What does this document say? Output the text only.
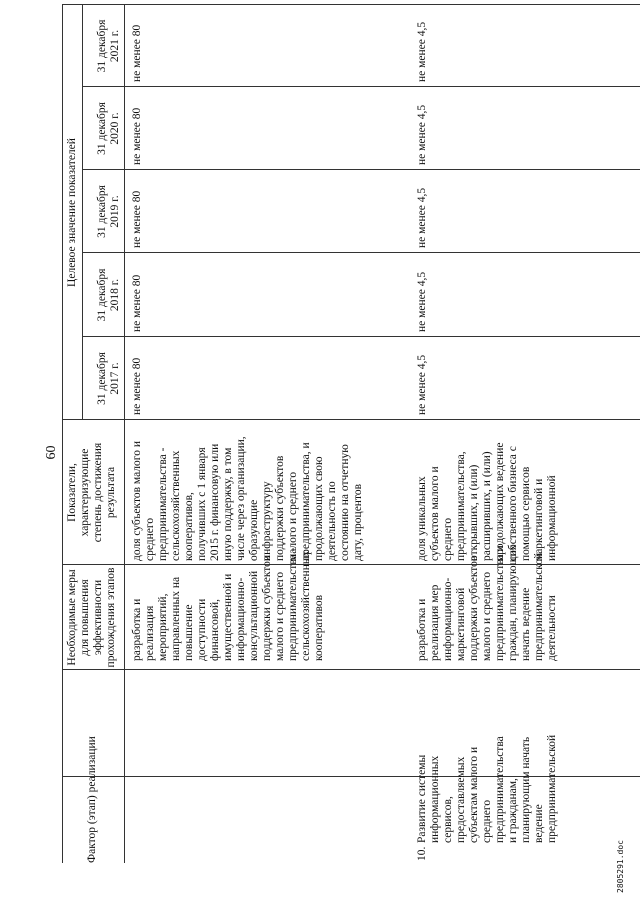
60
Фактор (этап) реализации
Необходимые меры
для повышения
эффективности
прохождения этапов
Показатели,
характеризующие
степень достижения
результата
Целевое значение показателей
31 декабря
2017 г.
31 декабря
2018 г.
31 декабря
2019 г.
31 декабря
2020 г.
31 декабря
2021 г.
разработка и
реализация
мероприятий,
направленных на
повышение
доступности
финансовой,
имущественной и
информационно-
консультационной
поддержки субъектов
малого и среднего
предпринимательства -
сельскохозяйственных
кооперативов
доля субъектов малого и
среднего
предпринимательства -
сельскохозяйственных
кооперативов,
получивших с 1 января
2015 г. финансовую или
иную поддержку, в том
числе через организации,
образующие
инфраструктуру
поддержки субъектов
малого и среднего
предпринимательства, и
продолжающих свою
деятельность по
состоянию на отчетную
дату, процентов
не менее 80
не менее 80
не менее 80
не менее 80
не менее 80
10.
Развитие системы
информационных
сервисов,
предоставляемых
субъектам малого и
среднего
предпринимательства
и гражданам,
планирующим начать
ведение
предпринимательской
разработка и
реализация мер
информационно-
маркетинговой
поддержки субъектов
малого и среднего
предпринимательства и
граждан, планирующих
начать ведение
предпринимательской
деятельности
доля уникальных
субъектов малого и
среднего
предпринимательства,
открывших, и (или)
расширивших, и (или)
продолжающих ведение
собственного бизнеса с
помощью сервисов
маркетинговой и
информационной
не менее 4,5
не менее 4,5
не менее 4,5
не менее 4,5
не менее 4,5
2805291.doc
